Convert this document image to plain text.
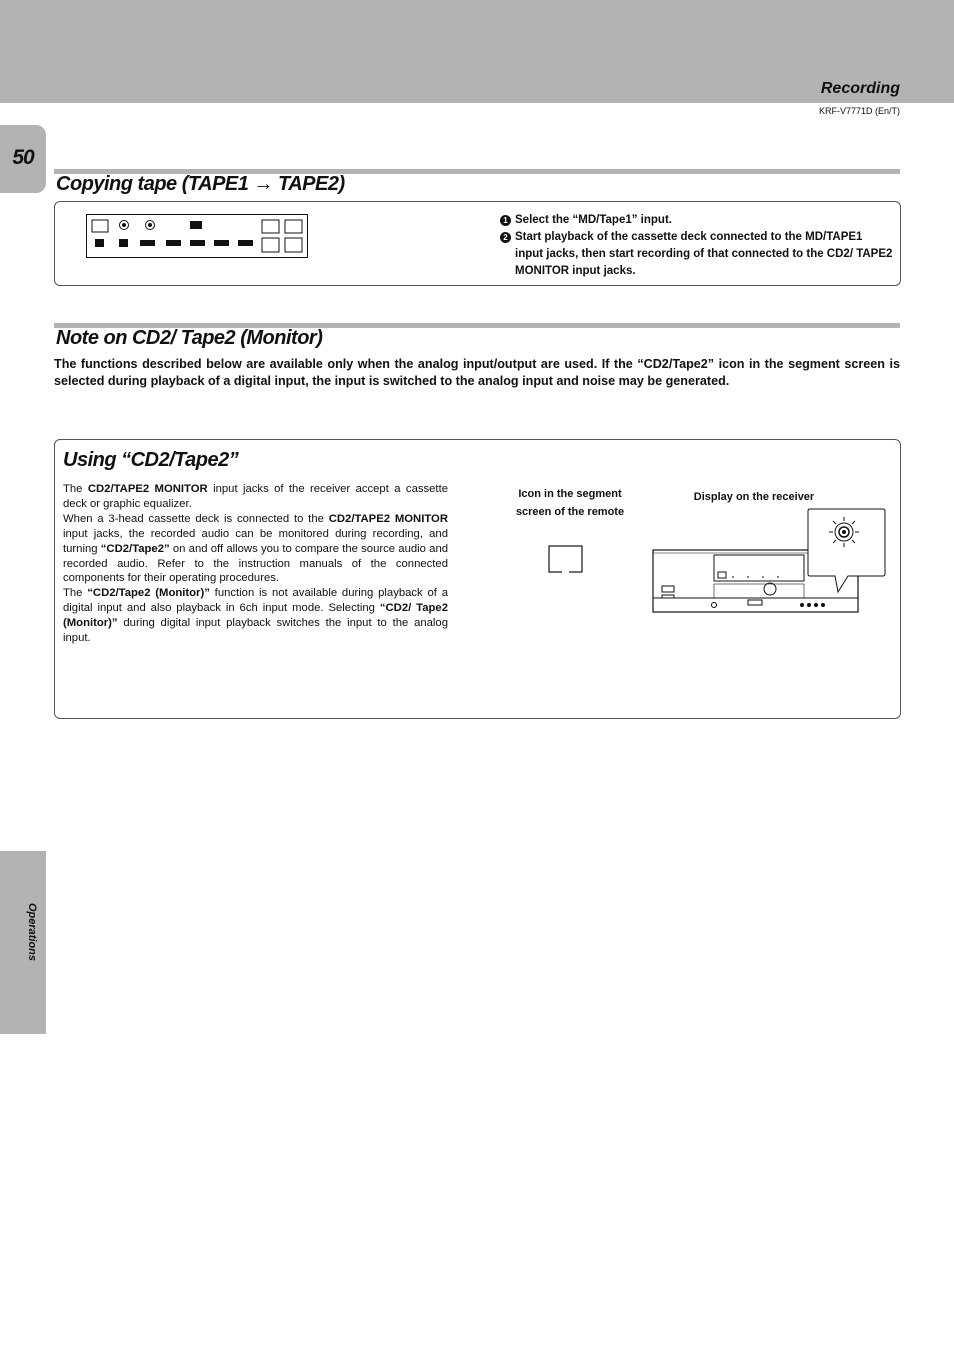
Recording
KRF-V7771D (En/T)
50
Operations
Copying tape (TAPE1 → TAPE2)
1 Select the “MD/Tape1” input.
2 Start playback of the cassette deck connected to the MD/TAPE1 input jacks, then start recording of that connected to the CD2/ TAPE2 MONITOR input jacks.
Note on CD2/ Tape2 (Monitor)
The functions described below are available only when the analog input/output are used. If the “CD2/Tape2” icon in the segment screen is selected during playback of a digital input, the input is switched to the analog input and noise may be generated.
Using “CD2/Tape2”

The CD2/TAPE2 MONITOR input jacks of the receiver accept a cassette deck or graphic equalizer.

When a 3-head cassette deck is connected to the CD2/TAPE2 MONITOR input jacks, the recorded audio can be monitored during recording, and turning “CD2/Tape2” on and off allows you to compare the source audio and recorded audio. Refer to the instruction manuals of the connected components for their operating procedures.

The “CD2/Tape2 (Monitor)” function is not available during playback of a digital input and also playback in 6ch input mode. Selecting “CD2/ Tape2 (Monitor)” during digital input playback switches the input to the analog input.

Icon in the segment screen of the remote
Display on the receiver
